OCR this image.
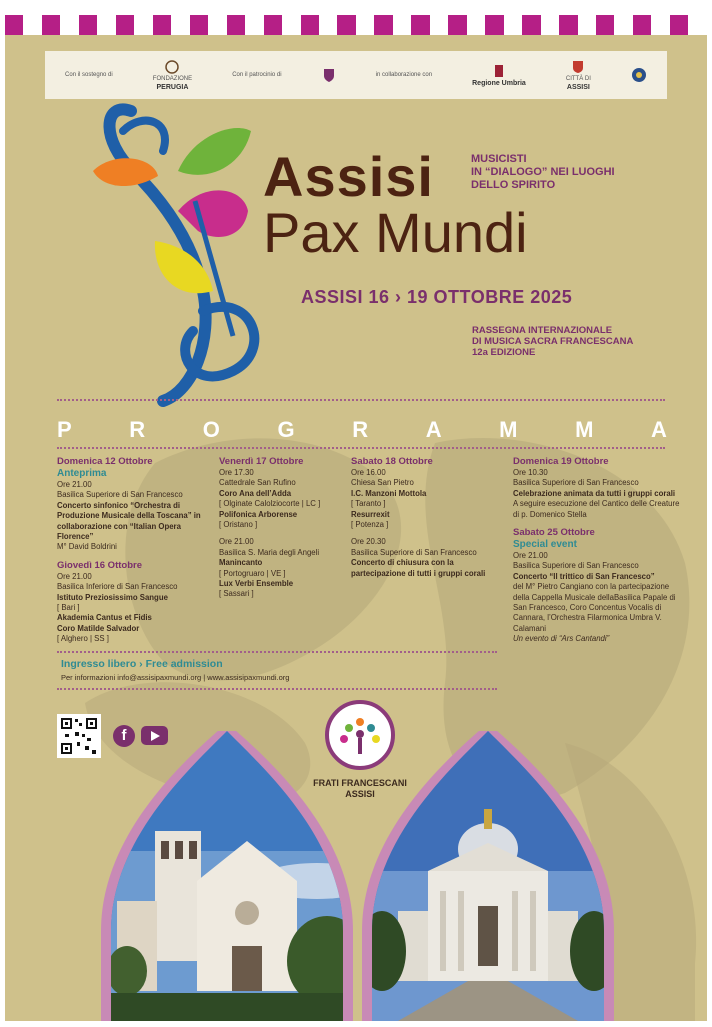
Con il sostegno di
FONDAZIONE
PERUGIA
Con il patrocinio di	in collaborazione con
Regione Umbria
CITTÀ DI
ASSISI
Assisi
Pax Mundi
MUSICISTI
IN “DIALOGO” NEI LUOGHI
DELLO SPIRITO
ASSISI 16 › 19 OTTOBRE 2025
RASSEGNA INTERNAZIONALE
DI MUSICA SACRA FRANCESCANA
12a EDIZIONE
P	R	O	G	R	A	M	M	A
Domenica 12 Ottobre
Anteprima
Ore 21.00
Basilica Superiore di San Francesco
Concerto sinfonico “Orchestra di Produzione Musicale della Toscana” in collaborazione con “Italian Opera Florence”
M° David Boldrini
Giovedì 16 Ottobre
Ore 21.00
Basilica Inferiore di San Francesco
Istituto Preziosissimo Sangue
[ Bari ]
Akademia Cantus et Fidis
Coro Matilde Salvador
[ Alghero | SS ]
Venerdì 17 Ottobre
Ore 17.30
Cattedrale San Rufino
Coro Ana dell’Adda
[ Olginate Calolziocorte | LC ]
Polifonica Arborense
[ Oristano ]
Ore 21.00
Basilica S. Maria degli Angeli
Manincanto
[ Portogruaro | VE ]
Lux Verbi Ensemble
[ Sassari ]
Sabato 18 Ottobre
Ore 16.00
Chiesa San Pietro
I.C. Manzoni Mottola
[ Taranto ]
Resurrexit
[ Potenza ]
Ore 20.30
Basilica Superiore di San Francesco
Concerto di chiusura con la partecipazione di tutti i gruppi corali
Domenica 19 Ottobre
Ore 10.30
Basilica Superiore di San Francesco
Celebrazione animata da tutti i gruppi corali
A seguire esecuzione del Cantico delle Creature di p. Domenico Stella
Sabato 25 Ottobre
Special event
Ore 21.00
Basilica Superiore di San Francesco
Concerto “Il trittico di San Francesco”
del M° Pietro Cangiano con la partecipazione della Cappella Musicale dellaBasilica Papale di San Francesco, Coro Concentus Vocalis di Cannara, l’Orchestra Filarmonica Umbra V. Calamani
Un evento di “Ars Cantandi”
Ingresso libero › Free admission
Per informazioni info@assisipaxmundi.org | www.assisipaxmundi.org
f
FRATI FRANCESCANI
ASSISI
